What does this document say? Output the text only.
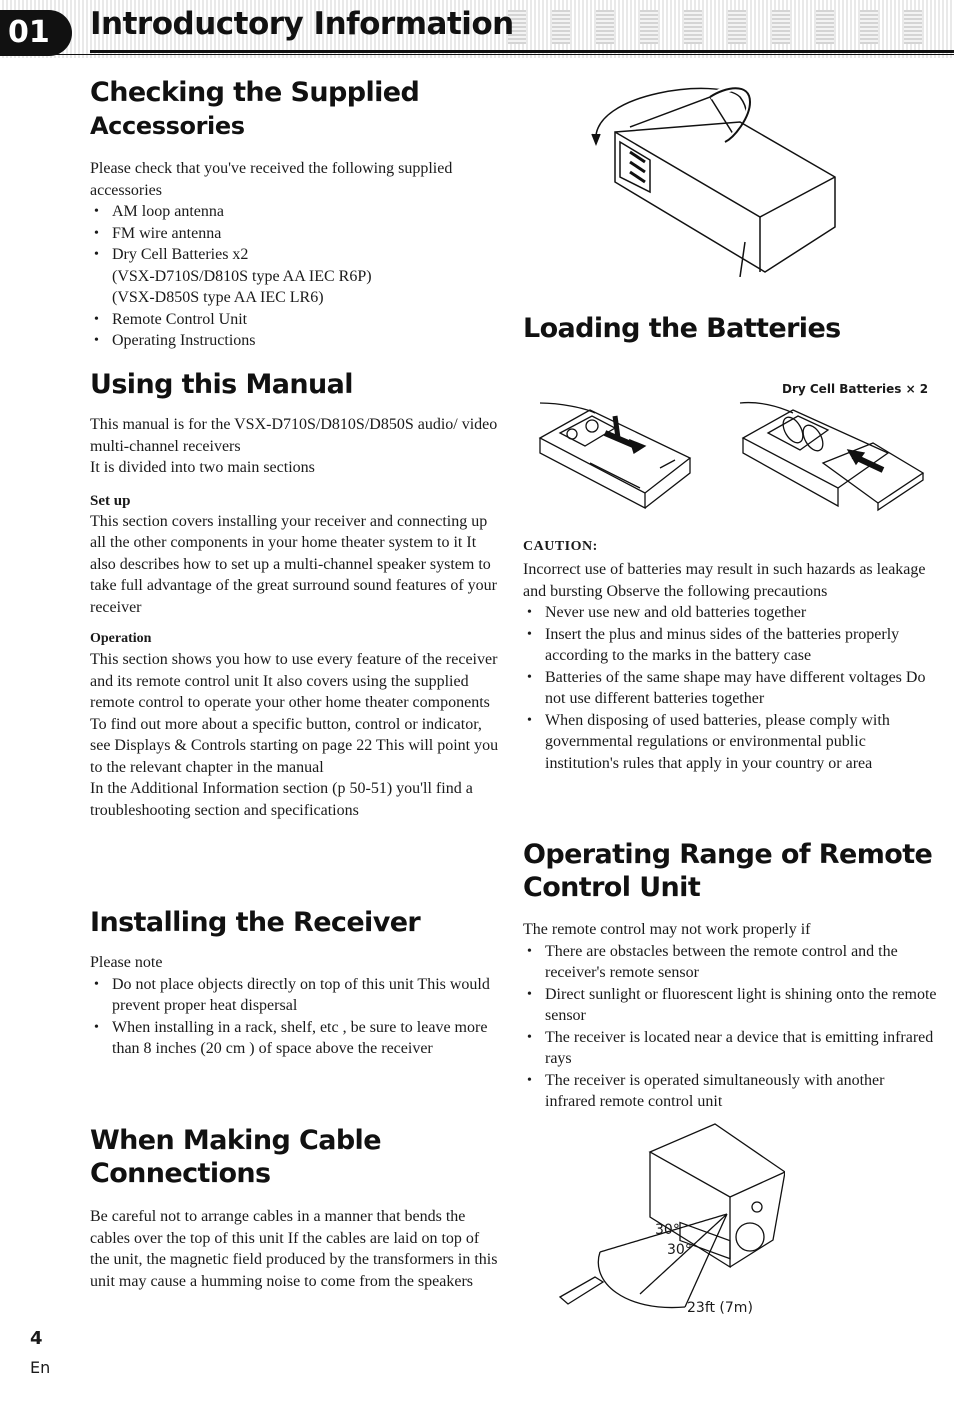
01	Introductory Information
Checking the Supplied
Accessories

Please check that you've received the following supplied accessories

• AM loop antenna
• FM wire antenna
• Dry Cell Batteries x2
(VSX-D710S/D810S type AA IEC R6P)
(VSX-D850S type AA IEC LR6)
• Remote Control Unit
• Operating Instructions
Using this Manual

This manual is for the VSX-D710S/D810S/D850S audio/ video multi-channel receivers

It is divided into two main sections

Set up

This section covers installing your receiver and connecting up all the other components in your home theater system to it It also describes how to set up a multi-channel speaker system to take full advantage of the great surround sound features of your receiver

Operation

This section shows you how to use every feature of the receiver and its remote control unit It also covers using the supplied remote control to operate your other home theater components To find out more about a specific button, control or indicator, see Displays & Controls starting on page 22 This will point you to the relevant chapter in the manual

In the Additional Information section (p 50-51) you'll find a troubleshooting section and specifications

Installing the Receiver

Please note

• Do not place objects directly on top of this unit This would prevent proper heat dispersal
• When installing in a rack, shelf, etc , be sure to leave more than 8 inches (20 cm ) of space above the receiver
When Making Cable
Connections

Be careful not to arrange cables in a manner that bends the cables over the top of this unit If the cables are laid on top of the unit, the magnetic field produced by the transformers in this unit may cause a humming noise to come from the speakers

Loading the Batteries
Dry Cell Batteries × 2
CAUTION:

Incorrect use of batteries may result in such hazards as leakage and bursting Observe the following precautions

• Never use new and old batteries together
• Insert the plus and minus sides of the batteries properly according to the marks in the battery case
• Batteries of the same shape may have different voltages Do not use different batteries together
• When disposing of used batteries, please comply with governmental regulations or environmental public institution's rules that apply in your country or area
Operating Range of Remote
Control Unit

The remote control may not work properly if

• There are obstacles between the remote control and the receiver's remote sensor
• Direct sunlight or fluorescent light is shining onto the remote sensor
• The receiver is located near a device that is emitting infrared rays
• The receiver is operated simultaneously with another infrared remote control unit
30°
30°
23ft (7m)
4
En
